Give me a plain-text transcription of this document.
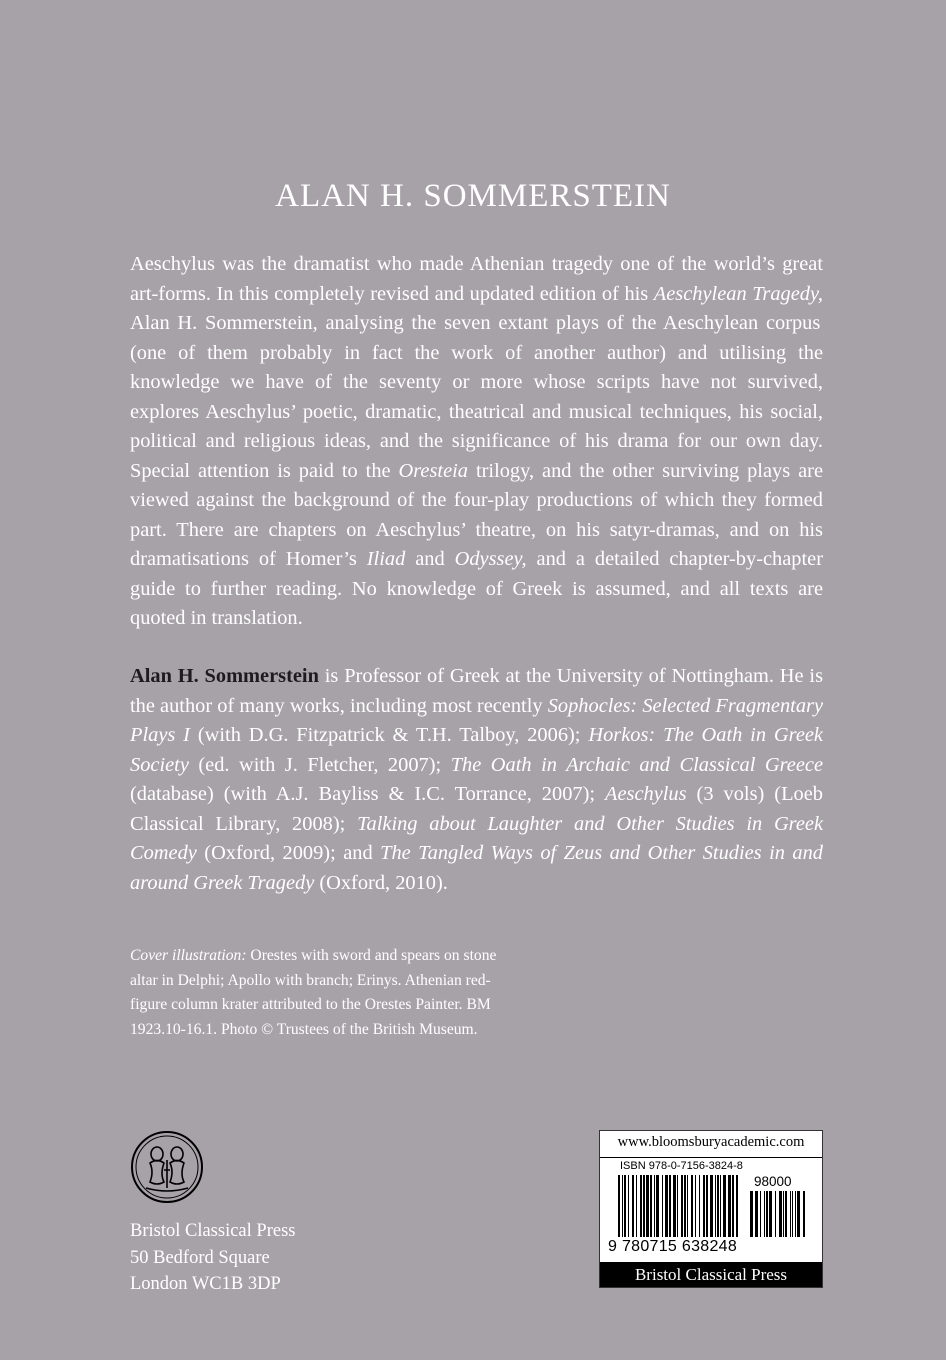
ALAN H. SOMMERSTEIN

Aeschylus was the dramatist who made Athenian tragedy one of the world’s great art-forms. In this completely revised and updated edition of his Aeschylean Tragedy, Alan H. Sommerstein, analysing the seven extant plays of the Aeschylean corpus (one of them probably in fact the work of another author) and utilising the knowledge we have of the seventy or more whose scripts have not survived, explores Aeschylus’ poetic, dramatic, theatrical and musical techniques, his social, political and religious ideas, and the significance of his drama for our own day. Special attention is paid to the Oresteia trilogy, and the other surviving plays are viewed against the background of the four-play productions of which they formed part. There are chapters on Aeschylus’ theatre, on his satyr-dramas, and on his dramatisations of Homer’s Iliad and Odyssey, and a detailed chapter-by-chapter guide to further reading. No knowledge of Greek is assumed, and all texts are quoted in translation.

Alan H. Sommerstein is Professor of Greek at the University of Nottingham. He is the author of many works, including most recently Sophocles: Selected Fragmentary Plays I (with D.G. Fitzpatrick & T.H. Talboy, 2006); Horkos: The Oath in Greek Society (ed. with J. Fletcher, 2007); The Oath in Archaic and Classical Greece (database) (with A.J. Bayliss & I.C. Torrance, 2007); Aeschylus (3 vols) (Loeb Classical Library, 2008); Talking about Laughter and Other Studies in Greek Comedy (Oxford, 2009); and The Tangled Ways of Zeus and Other Studies in and around Greek Tragedy (Oxford, 2010).

Cover illustration: Orestes with sword and spears on stone altar in Delphi; Apollo with branch; Erinys. Athenian red-figure column krater attributed to the Orestes Painter. BM 1923.10-16.1. Photo © Trustees of the British Museum.

Bristol Classical Press
50 Bedford Square
London WC1B 3DP
www.bloomsburyacademic.com
ISBN 978-0-7156-3824-8
98000
9 780715 638248
Bristol Classical Press
